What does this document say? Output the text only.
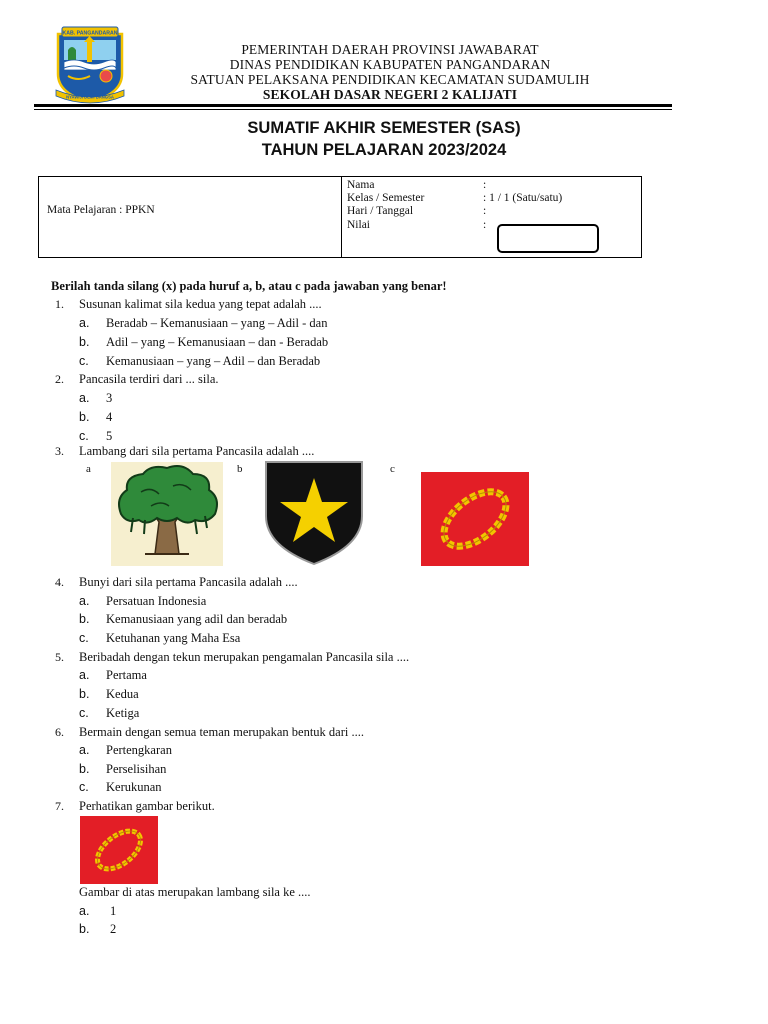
KAB. PANGANDARAN
NYAWIJI DEMI BANGSA
PEMERINTAH DAERAH PROVINSI JAWABARAT
DINAS PENDIDIKAN KABUPATEN PANGANDARAN
SATUAN PELAKSANA PENDIDIKAN KECAMATAN SUDAMULIH
SEKOLAH DASAR NEGERI 2 KALIJATI
SUMATIF AKHIR SEMESTER (SAS)
TAHUN PELAJARAN 2023/2024
Mata Pelajaran : PPKN
Nama
Kelas / Semester
Hari / Tanggal
Nilai
:
: 1 / 1 (Satu/satu)
:
:
Berilah tanda silang (x) pada huruf a, b, atau c pada jawaban yang benar!
1. Susunan kalimat sila kedua yang tepat adalah ....
a. Beradab – Kemanusiaan – yang – Adil - dan
b. Adil – yang – Kemanusiaan – dan - Beradab
c. Kemanusiaan – yang – Adil – dan Beradab
2. Pancasila terdiri dari ... sila.
a. 3
b. 4
c. 5
3. Lambang dari sila pertama Pancasila adalah ....
a	b	c
4. Bunyi dari sila pertama Pancasila adalah ....
a. Persatuan Indonesia
b. Kemanusiaan yang adil dan beradab
c. Ketuhanan yang Maha Esa
5. Beribadah dengan tekun merupakan pengamalan Pancasila sila ....
a. Pertama
b. Kedua
c. Ketiga
6. Bermain dengan semua teman merupakan bentuk dari ....
a. Pertengkaran
b. Perselisihan
c. Kerukunan
7. Perhatikan gambar berikut.
Gambar di atas merupakan lambang sila ke ....
a. 1
b. 2
